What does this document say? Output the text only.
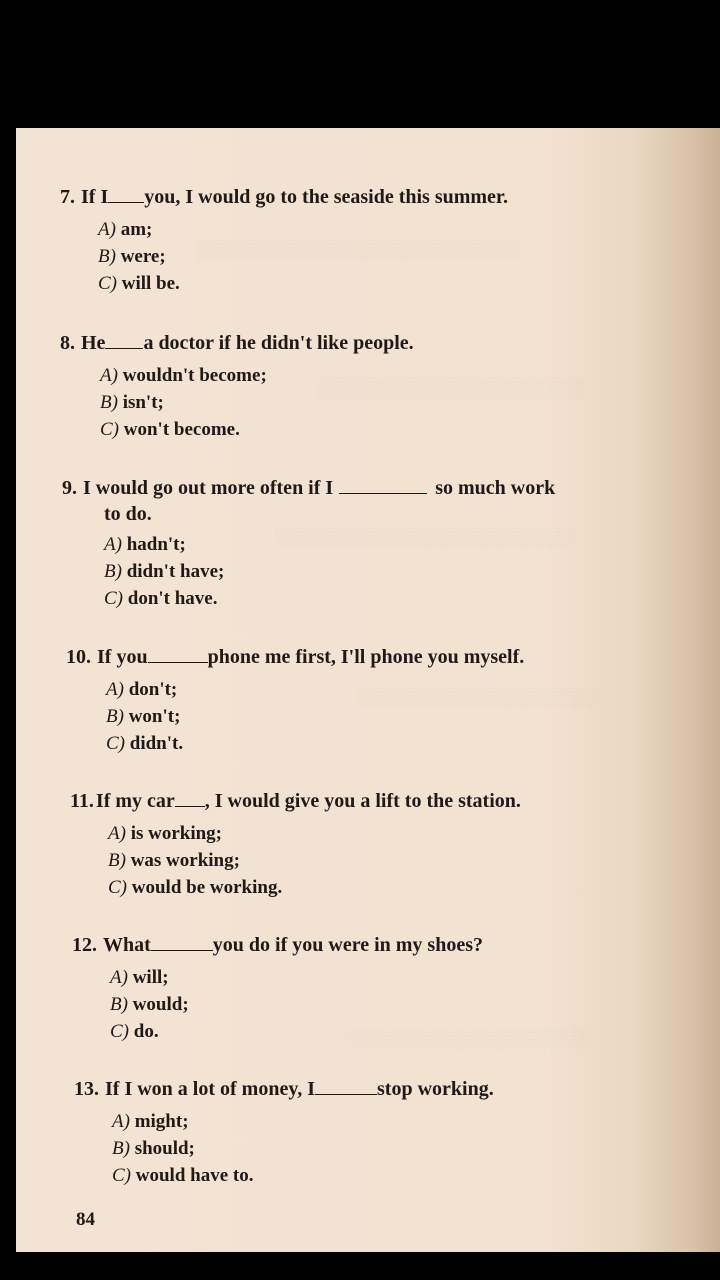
░░░░░░░░░░░░░░░░░░░░░░░░
░░░░░░░░░░░░░░░░░░░░
░░░░░░░░░░░░░░░░░░░░░░
░░░░░░░░░░░░░░░░░░
░░░░░░░░░░░░░░░░░░
7. If I you, I would go to the seaside this summer.
A) am;
B) were;
C) will be.
8. He a doctor if he didn't like people.
A) wouldn't become;
B) isn't;
C) won't become.
9. I would go out more often if I	so much work
to do.
A) hadn't;
B) didn't have;
C) don't have.
10. If you	phone me first, I'll phone you myself.
A) don't;
B) won't;
C) didn't.
11. If my car , I would give you a lift to the station.
A) is working;
B) was working;
C) would be working.
12. What	you do if you were in my shoes?
A) will;
B) would;
C) do.
13. If I won a lot of money, I	stop working.
A) might;
B) should;
C) would have to.
84
